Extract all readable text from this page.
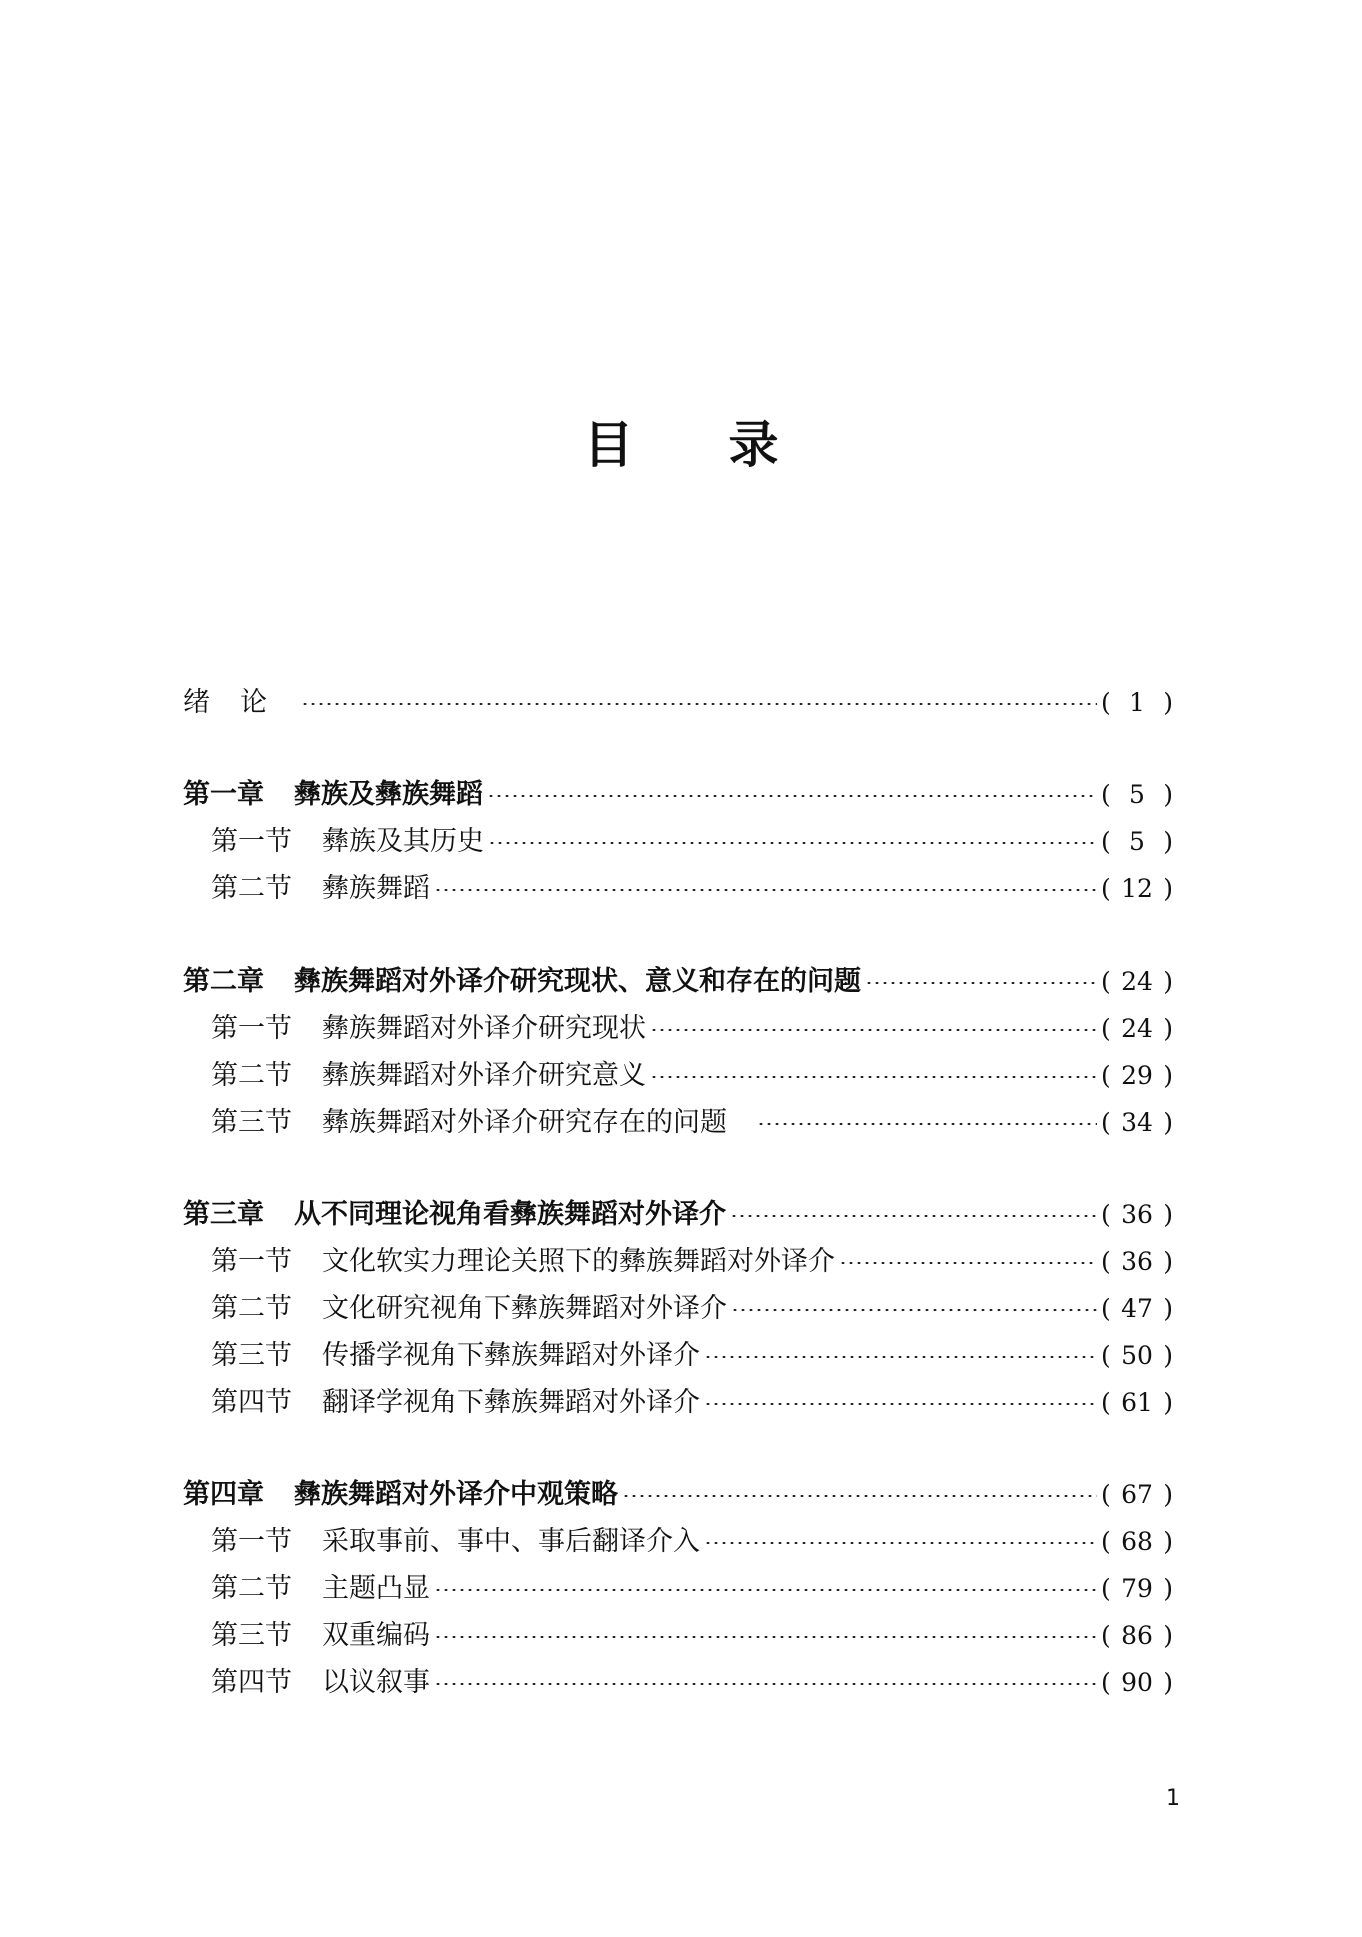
目录
绪论	( 1 )
第一章 彝族及彝族舞蹈	( 5 )
第一节 彝族及其历史	( 5 )
第二节 彝族舞蹈	( 12 )
第二章 彝族舞蹈对外译介研究现状、意义和存在的问题	( 24 )
第一节 彝族舞蹈对外译介研究现状	( 24 )
第二节 彝族舞蹈对外译介研究意义	( 29 )
第三节 彝族舞蹈对外译介研究存在的问题	( 34 )
第三章 从不同理论视角看彝族舞蹈对外译介	( 36 )
第一节 文化软实力理论关照下的彝族舞蹈对外译介	( 36 )
第二节 文化研究视角下彝族舞蹈对外译介	( 47 )
第三节 传播学视角下彝族舞蹈对外译介	( 50 )
第四节 翻译学视角下彝族舞蹈对外译介	( 61 )
第四章 彝族舞蹈对外译介中观策略	( 67 )
第一节 采取事前、事中、事后翻译介入	( 68 )
第二节 主题凸显	( 79 )
第三节 双重编码	( 86 )
第四节 以议叙事	( 90 )
1
